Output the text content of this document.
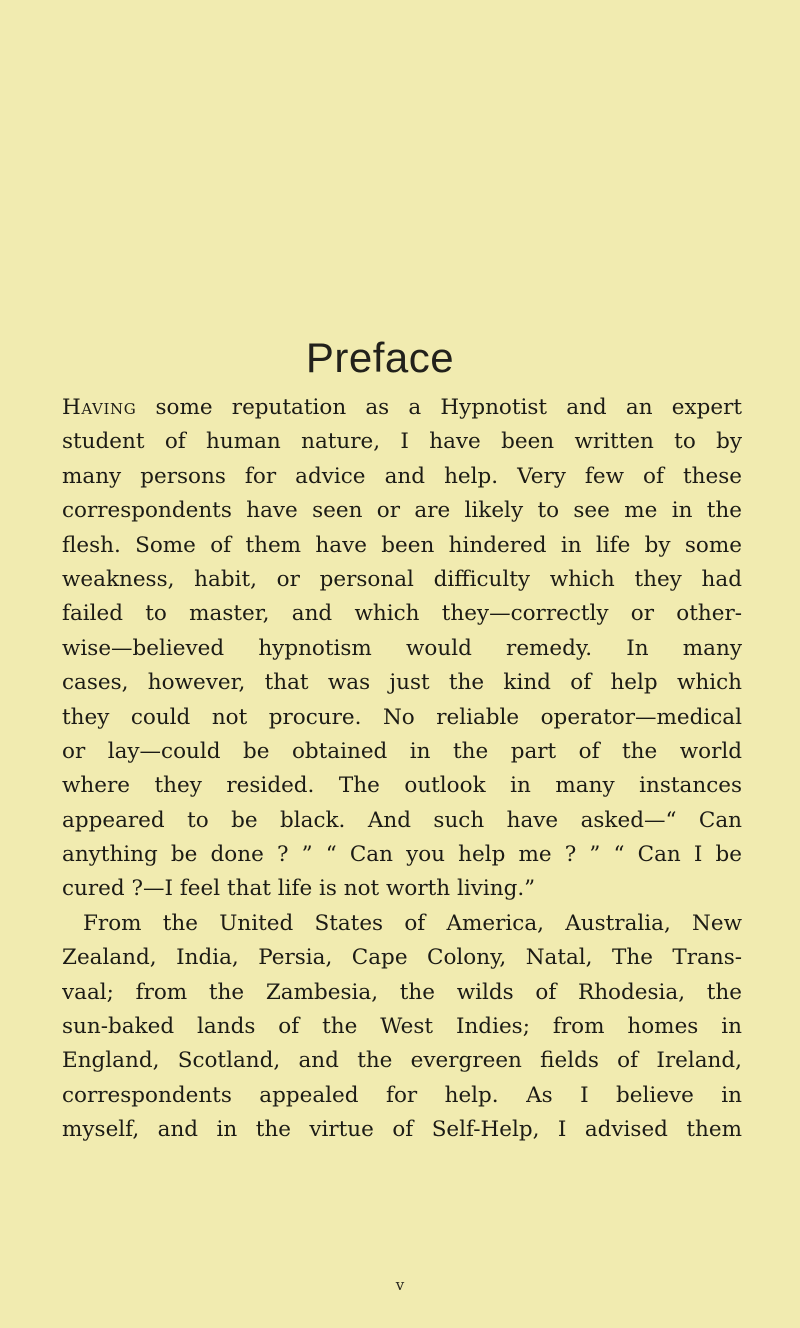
Preface
Having some reputation as a Hypnotist and an expert
student of human nature, I have been written to by
many persons for advice and help. Very few of these
correspondents have seen or are likely to see me in the
flesh. Some of them have been hindered in life by some
weakness, habit, or personal difficulty which they had
failed to master, and which they—correctly or other-
wise—believed hypnotism would remedy. In many
cases, however, that was just the kind of help which
they could not procure. No reliable operator—medical
or lay—could be obtained in the part of the world
where they resided. The outlook in many instances
appeared to be black. And such have asked—“ Can
anything be done ? ” “ Can you help me ? ” “ Can I be
cured ?—I feel that life is not worth living.”
From the United States of America, Australia, New
Zealand, India, Persia, Cape Colony, Natal, The Trans-
vaal; from the Zambesia, the wilds of Rhodesia, the
sun-baked lands of the West Indies; from homes in
England, Scotland, and the evergreen fields of Ireland,
correspondents appealed for help. As I believe in
myself, and in the virtue of Self-Help, I advised them
v
